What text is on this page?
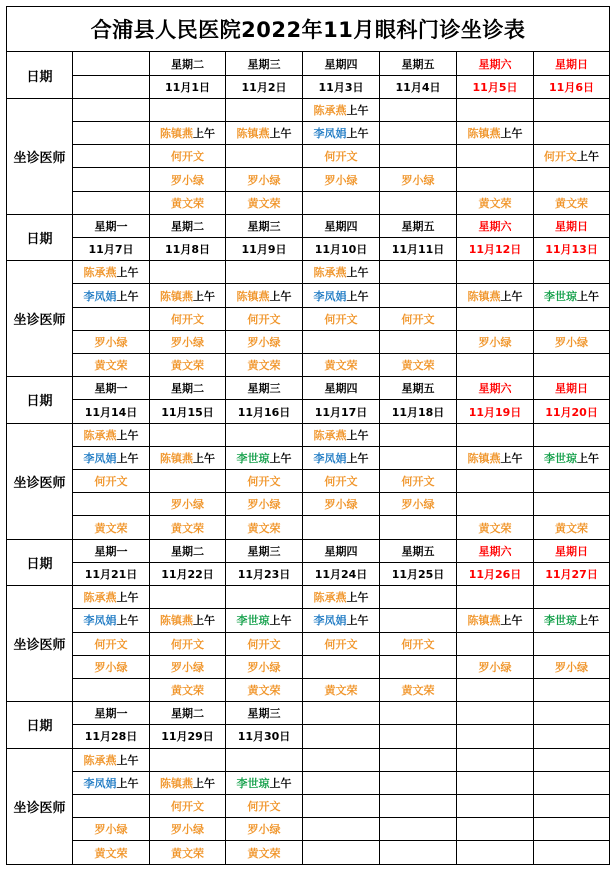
合浦县人民医院2022年11月眼科门诊坐诊表							
日期		星期二	星期三	星期四	星期五	星期六	星期日
		11月1日	11月2日	11月3日	11月4日	11月5日	11月6日
坐诊医师				陈承燕上午			
		陈镇燕上午	陈镇燕上午	李凤娟上午		陈镇燕上午	
		何开文		何开文			何开文上午
		罗小绿	罗小绿	罗小绿	罗小绿		
		黄文荣	黄文荣			黄文荣	黄文荣
日期	星期一	星期二	星期三	星期四	星期五	星期六	星期日
	11月7日	11月8日	11月9日	11月10日	11月11日	11月12日	11月13日
坐诊医师	陈承燕上午			陈承燕上午			
	李凤娟上午	陈镇燕上午	陈镇燕上午	李凤娟上午		陈镇燕上午	李世琼上午
		何开文	何开文	何开文	何开文		
	罗小绿	罗小绿	罗小绿			罗小绿	罗小绿
	黄文荣	黄文荣	黄文荣	黄文荣	黄文荣		
日期	星期一	星期二	星期三	星期四	星期五	星期六	星期日
	11月14日	11月15日	11月16日	11月17日	11月18日	11月19日	11月20日
坐诊医师	陈承燕上午			陈承燕上午			
	李凤娟上午	陈镇燕上午	李世琼上午	李凤娟上午		陈镇燕上午	李世琼上午
	何开文		何开文	何开文	何开文		
		罗小绿	罗小绿	罗小绿	罗小绿		
	黄文荣	黄文荣	黄文荣			黄文荣	黄文荣
日期	星期一	星期二	星期三	星期四	星期五	星期六	星期日
	11月21日	11月22日	11月23日	11月24日	11月25日	11月26日	11月27日
坐诊医师	陈承燕上午			陈承燕上午			
	李凤娟上午	陈镇燕上午	李世琼上午	李凤娟上午		陈镇燕上午	李世琼上午
	何开文	何开文	何开文	何开文	何开文		
	罗小绿	罗小绿	罗小绿			罗小绿	罗小绿
		黄文荣	黄文荣	黄文荣	黄文荣		
日期	星期一	星期二	星期三				
	11月28日	11月29日	11月30日				
坐诊医师	陈承燕上午						
	李凤娟上午	陈镇燕上午	李世琼上午				
		何开文	何开文				
	罗小绿	罗小绿	罗小绿				
	黄文荣	黄文荣	黄文荣				
